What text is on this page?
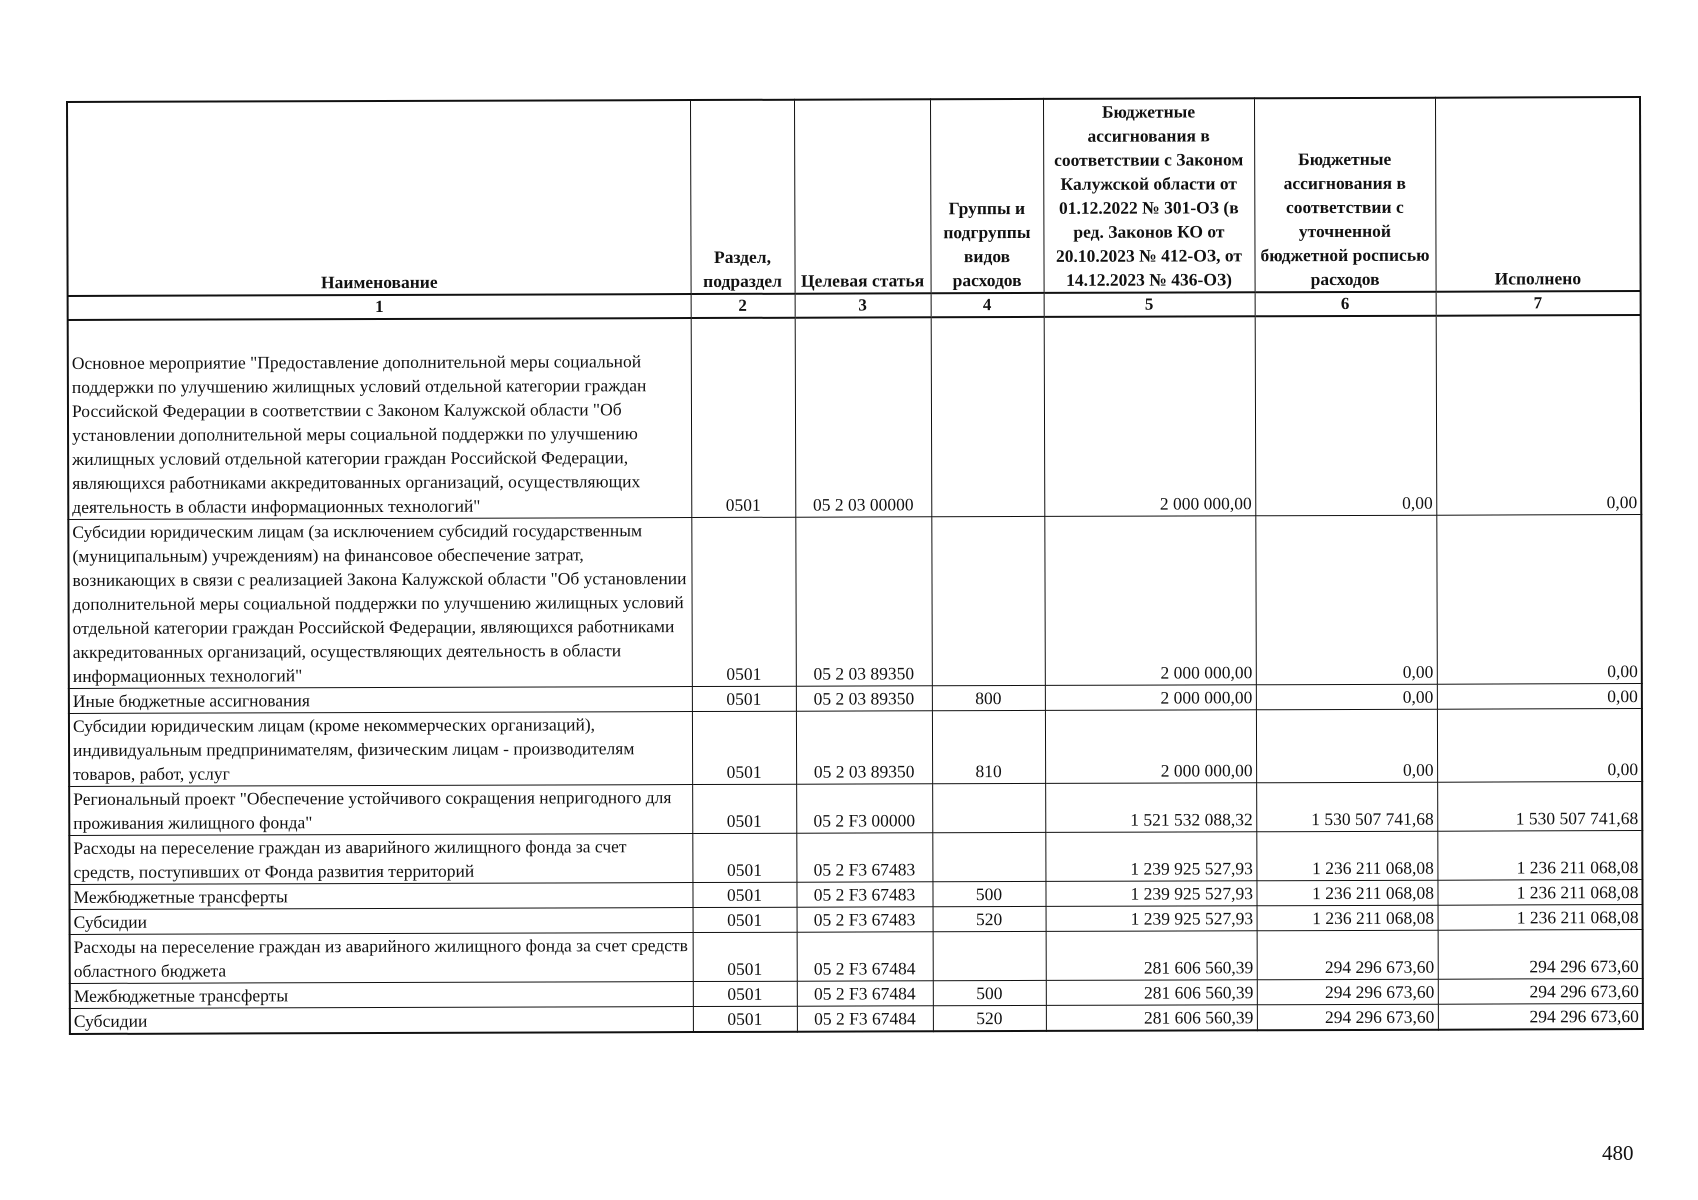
Наименование	Раздел, подраздел	Целевая статья	Группы и подгруппы видов расходов	Бюджетные ассигнования в соответствии с Законом Калужской области от 01.12.2022 № 301-ОЗ (в ред. Законов КО от 20.10.2023 № 412-ОЗ, от 14.12.2023 № 436-ОЗ)	Бюджетные ассигнования в соответствии с уточненной бюджетной росписью расходов	Исполнено
1	2	3	4	5	6	7
Основное мероприятие "Предоставление дополнительной меры социальной поддержки по улучшению жилищных условий отдельной категории граждан Российской Федерации в соответствии с Законом Калужской области "Об установлении дополнительной меры социальной поддержки по улучшению жилищных условий отдельной категории граждан Российской Федерации, являющихся работниками аккредитованных организаций, осуществляющих деятельность в области информационных технологий"	0501	05 2 03 00000		2 000 000,00	0,00	0,00
Субсидии юридическим лицам (за исключением субсидий государственным (муниципальным) учреждениям) на финансовое обеспечение затрат, возникающих в связи с реализацией Закона Калужской области "Об установлении дополнительной меры социальной поддержки по улучшению жилищных условий отдельной категории граждан Российской Федерации, являющихся работниками аккредитованных организаций, осуществляющих деятельность в области информационных технологий"	0501	05 2 03 89350		2 000 000,00	0,00	0,00
Иные бюджетные ассигнования	0501	05 2 03 89350	800	2 000 000,00	0,00	0,00
Субсидии юридическим лицам (кроме некоммерческих организаций), индивидуальным предпринимателям, физическим лицам - производителям товаров, работ, услуг	0501	05 2 03 89350	810	2 000 000,00	0,00	0,00
Региональный проект "Обеспечение устойчивого сокращения непригодного для проживания жилищного фонда"	0501	05 2 F3 00000		1 521 532 088,32	1 530 507 741,68	1 530 507 741,68
Расходы на переселение граждан из аварийного жилищного фонда за счет средств, поступивших от Фонда развития территорий	0501	05 2 F3 67483		1 239 925 527,93	1 236 211 068,08	1 236 211 068,08
Межбюджетные трансферты	0501	05 2 F3 67483	500	1 239 925 527,93	1 236 211 068,08	1 236 211 068,08
Субсидии	0501	05 2 F3 67483	520	1 239 925 527,93	1 236 211 068,08	1 236 211 068,08
Расходы на переселение граждан из аварийного жилищного фонда за счет средств областного бюджета	0501	05 2 F3 67484		281 606 560,39	294 296 673,60	294 296 673,60
Межбюджетные трансферты	0501	05 2 F3 67484	500	281 606 560,39	294 296 673,60	294 296 673,60
Субсидии	0501	05 2 F3 67484	520	281 606 560,39	294 296 673,60	294 296 673,60
480
